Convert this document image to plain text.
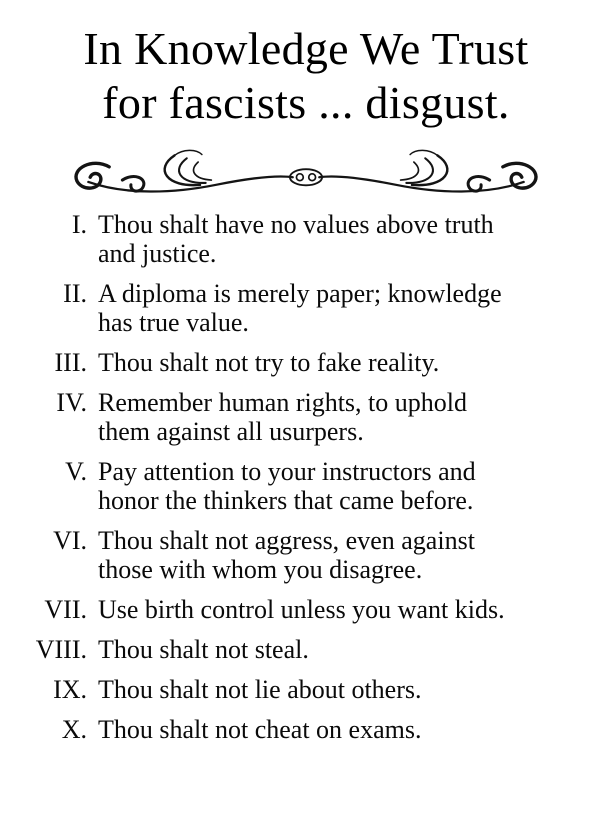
In Knowledge We Trust
for fascists ... disgust.
I. Thou shalt have no values above truth
and justice.
II. A diploma is merely paper; knowledge
has true value.
III. Thou shalt not try to fake reality.
IV. Remember human rights, to uphold
them against all usurpers.
V. Pay attention to your instructors and
honor the thinkers that came before.
VI. Thou shalt not aggress, even against
those with whom you disagree.
VII. Use birth control unless you want kids.
VIII. Thou shalt not steal.
IX. Thou shalt not lie about others.
X. Thou shalt not cheat on exams.
